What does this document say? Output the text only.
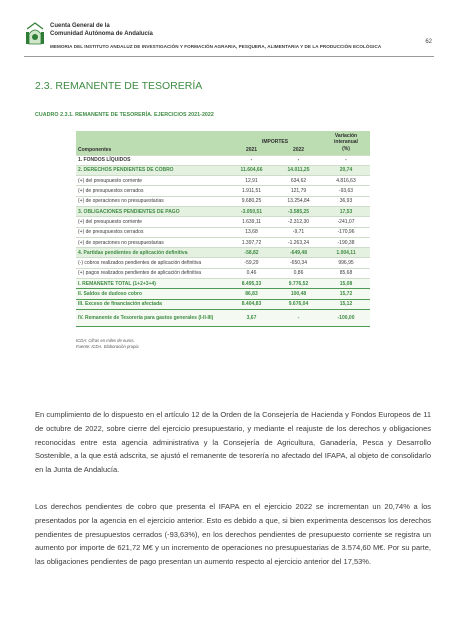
Cuenta General de la
Comunidad Autónoma de Andalucía
62
MEMORIA DEL INSTITUTO ANDALUZ DE INVESTIGACIÓN Y FORMACIÓN AGRARIA, PESQUERA, ALIMENTARIA Y DE LA PRODUCCIÓN ECOLÓGICA
2.3. REMANENTE DE TESORERÍA
CUADRO 2.3.1. REMANENTE DE TESORERÍA. EJERCICIOS 2021-2022
Componentes	IMPORTES		Variación
interanual
(%)

	2021	2022	
1. FONDOS LÍQUIDOS	-	-	-
2. DERECHOS PENDIENTES DE COBRO	11.604,66	14.011,25	20,74
(+) del presupuesto corriente	12,91	634,62	4.816,63
(+) de presupuestos cerrados	1.911,51	121,79	-93,63
(+) de operaciones no presupuestarias	9.680,25	13.254,84	36,93
3. OBLIGACIONES PENDIENTES DE PAGO	-3.050,51	-3.585,25	17,53
(+) del presupuesto corriente	1.639,11	-2.312,30	-241,07
(+) de presupuestos cerrados	13,68	-9,71	-170,96
(+) de operaciones no presupuestarias	1.397,72	-1.263,24	-190,38
4. Partidas pendientes de aplicación definitiva	-58,82	-649,48	1.004,11
(-) cobros realizados pendientes de aplicación definitiva	-59,29	-650,34	996,95
(+) pagos realizados pendientes de aplicación definitiva	0,46	0,86	85,68
I. REMANENTE TOTAL (1+2+3+4)	8.495,33	9.776,52	15,08
II. Saldos de dudoso cobro	86,83	100,48	15,72
III. Exceso de financiación afectada	8.404,83	9.676,04	15,12
IV. Remanente de Tesorería para gastos generales (I-II-III)	3,67	-	-100,00
ICDA: Cifras en miles de euros.
Fuente: ICDA. Elaboración propia

En cumplimiento de lo dispuesto en el artículo 12 de la Orden de la Consejería de Hacienda y Fondos Europeos de 11 de octubre de 2022, sobre cierre del ejercicio presupuestario, y mediante el reajuste de los derechos y obligaciones reconocidas entre esta agencia administrativa y la Consejería de Agricultura, Ganadería, Pesca y Desarrollo Sostenible, a la que está adscrita, se ajustó el remanente de tesorería no afectado del IFAPA, al objeto de consolidarlo en la Junta de Andalucía.

Los derechos pendientes de cobro que presenta el IFAPA en el ejercicio 2022 se incrementan un 20,74% a los presentados por la agencia en el ejercicio anterior. Esto es debido a que, si bien experimenta descensos los derechos pendientes de presupuestos cerrados (-93,63%), en los derechos pendientes de presupuesto corriente se registra un aumento por importe de 621,72 M€ y un incremento de operaciones no presupuestarias de 3.574,60 M€. Por su parte, las obligaciones pendientes de pago presentan un aumento respecto al ejercicio anterior del 17,53%.
